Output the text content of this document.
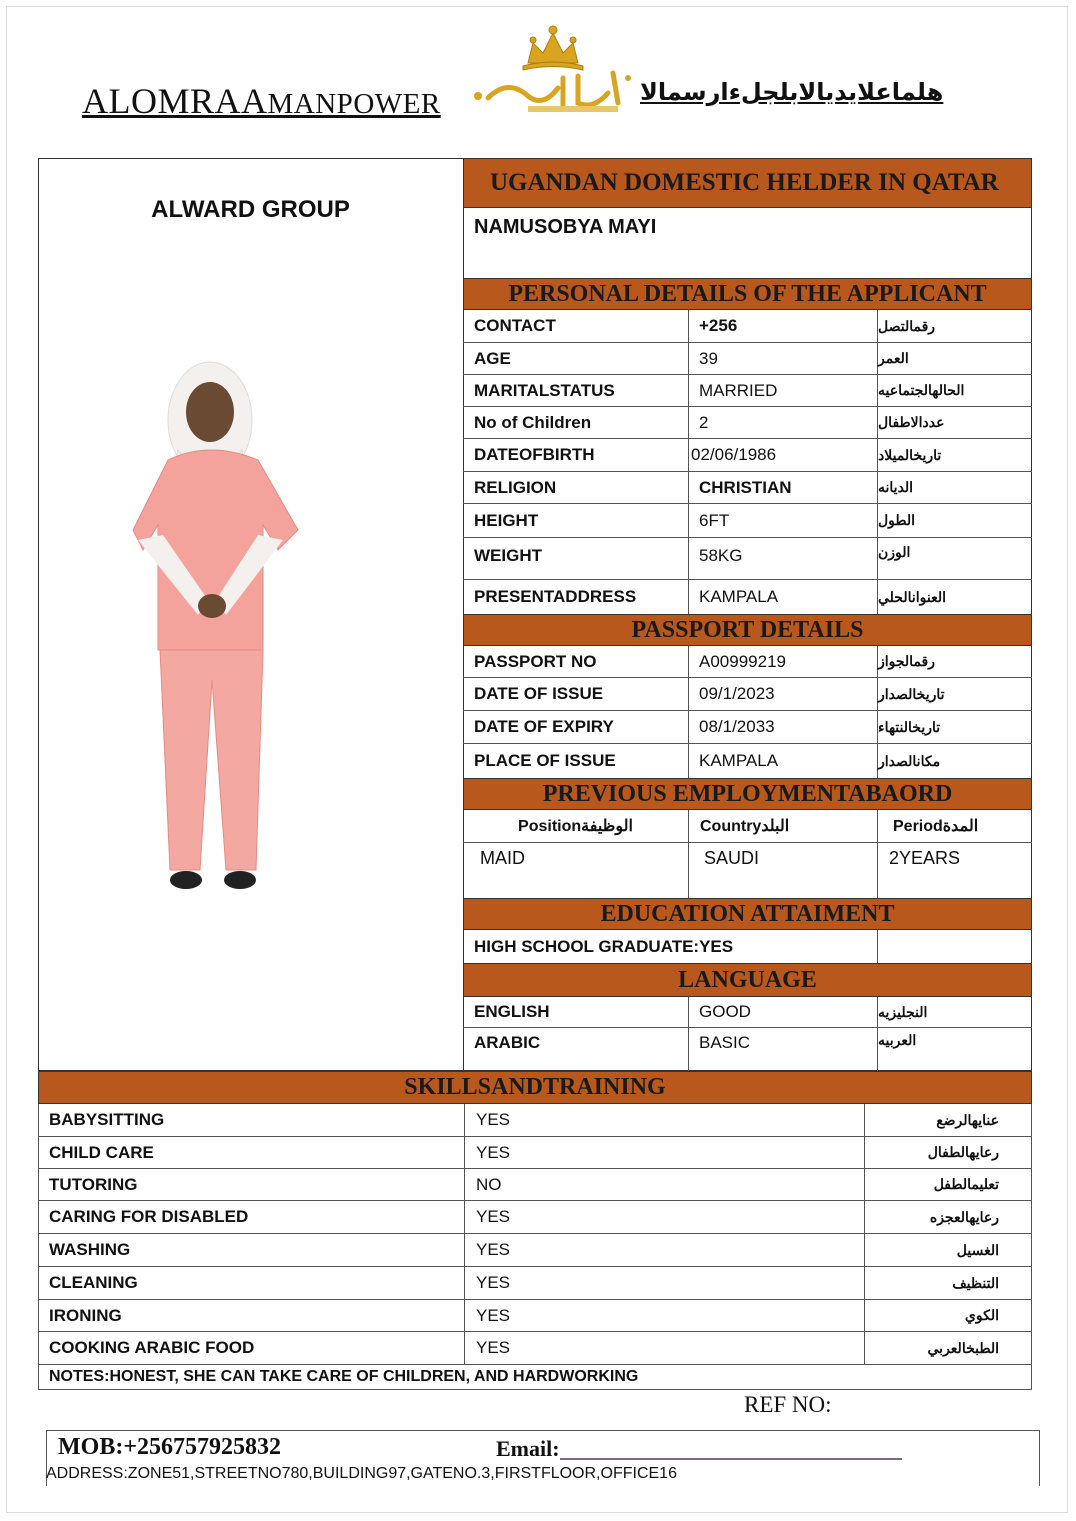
ALOMRAAMANPOWER	هلماعلايديالابلجلءارسمالا
ALWARD GROUP
UGANDAN DOMESTIC HELDER IN QATAR
NAMUSOBYA MAYI
PERSONAL DETAILS OF THE APPLICANT
CONTACT	+256	رقمالتصل
AGE	39	العمر
MARITALSTATUS	MARRIED	الحالهالجتماعيه
No of Children	2	عددالاطفال
DATEOFBIRTH	02/06/1986	تاريخالميلاد
RELIGION	CHRISTIAN	الديانه
HEIGHT	6FT	الطول
WEIGHT	58KG	الوزن
PRESENTADDRESS	KAMPALA	العنوانالحلي
PASSPORT DETAILS
PASSPORT NO	A00999219	رقمالجواز
DATE OF ISSUE	09/1/2023	تاريخالصدار
DATE OF EXPIRY	08/1/2033	تاريخالنتهاء
PLACE OF ISSUE	KAMPALA	مكانالصدار
PREVIOUS EMPLOYMENTABAORD
Positionالوظيفة	Countryالبلد	Periodالمدة
MAID	SAUDI	2YEARS
EDUCATION ATTAIMENT
HIGH SCHOOL GRADUATE:YES
LANGUAGE
ENGLISH	GOOD	النجليزيه
ARABIC	BASIC	العربيه
SKILLSANDTRAINING
BABYSITTING	YES	عنايهالرضع
CHILD CARE	YES	رعايهالطفال
TUTORING	NO	تعليمالطفل
CARING FOR DISABLED	YES	رعايهالعجزه
WASHING	YES	الغسيل
CLEANING	YES	التنظيف
IRONING	YES	الكوي
COOKING ARABIC FOOD	YES	الطبخالعربي
NOTES:HONEST, SHE CAN TAKE CARE OF CHILDREN, AND HARDWORKING
REF NO:
MOB:+256757925832	Email:
ADDRESS:ZONE51,STREETNO780,BUILDING97,GATENO.3,FIRSTFLOOR,OFFICE16
